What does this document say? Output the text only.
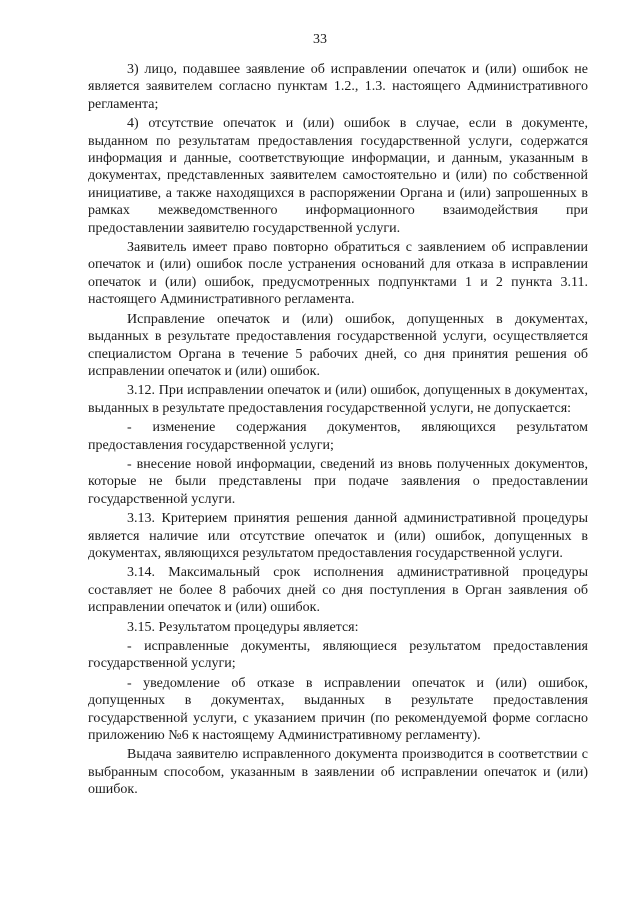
33

3) лицо, подавшее заявление об исправлении опечаток и (или) ошибок не является заявителем согласно пунктам 1.2., 1.3. настоящего Административного регламента;

4) отсутствие опечаток и (или) ошибок в случае, если в документе, выданном по результатам предоставления государственной услуги, содержатся информация и данные, соответствующие информации, и данным, указанным в документах, представленных заявителем самостоятельно и (или) по собственной инициативе, а также находящихся в распоряжении Органа и (или) запрошенных в рамках межведомственного информационного взаимодействия при предоставлении заявителю государственной услуги.

Заявитель имеет право повторно обратиться с заявлением об исправлении опечаток и (или) ошибок после устранения оснований для отказа в исправлении опечаток и (или) ошибок, предусмотренных подпунктами 1 и 2 пункта 3.11. настоящего Административного регламента.

Исправление опечаток и (или) ошибок, допущенных в документах, выданных в результате предоставления государственной услуги, осуществляется специалистом Органа в течение 5 рабочих дней, со дня принятия решения об исправлении опечаток и (или) ошибок.

3.12. При исправлении опечаток и (или) ошибок, допущенных в документах, выданных в результате предоставления государственной услуги, не допускается:

- изменение содержания документов, являющихся результатом предоставления государственной услуги;

- внесение новой информации, сведений из вновь полученных документов, которые не были представлены при подаче заявления о предоставлении государственной услуги.

3.13. Критерием принятия решения данной административной процедуры является наличие или отсутствие опечаток и (или) ошибок, допущенных в документах, являющихся результатом предоставления государственной услуги.

3.14. Максимальный срок исполнения административной процедуры составляет не более 8 рабочих дней со дня поступления в Орган заявления об исправлении опечаток и (или) ошибок.

3.15. Результатом процедуры является:

- исправленные документы, являющиеся результатом предоставления государственной услуги;

- уведомление об отказе в исправлении опечаток и (или) ошибок, допущенных в документах, выданных в результате предоставления государственной услуги, с указанием причин (по рекомендуемой форме согласно приложению №6 к настоящему Административному регламенту).

Выдача заявителю исправленного документа производится в соответствии с выбранным способом, указанным в заявлении об исправлении опечаток и (или) ошибок.
